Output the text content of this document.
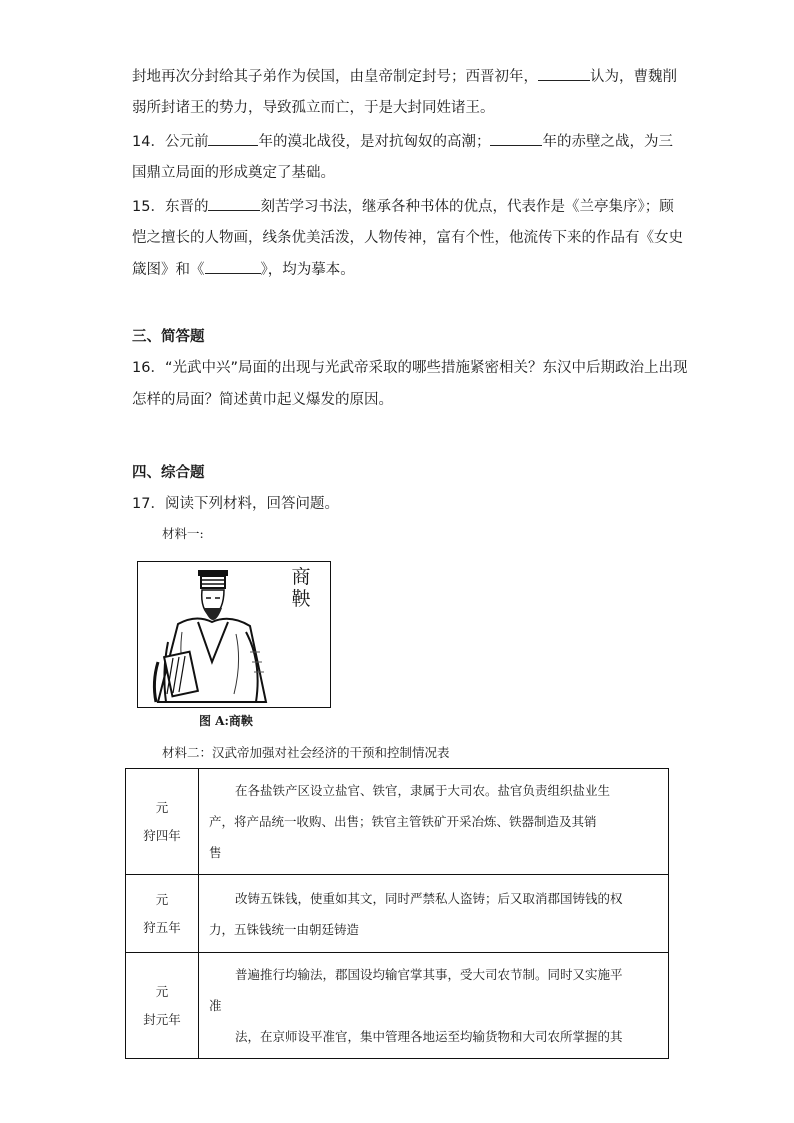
封地再次分封给其子弟作为侯国，由皇帝制定封号；西晋初年，	认为，曹魏削
弱所封诸王的势力，导致孤立而亡，于是大封同姓诸王。
14．公元前	年的漠北战役，是对抗匈奴的高潮；	年的赤壁之战，为三
国鼎立局面的形成奠定了基础。
15．东晋的	刻苦学习书法，继承各种书体的优点，代表作是《兰亭集序》；顾
恺之擅长的人物画，线条优美活泼，人物传神，富有个性，他流传下来的作品有《女史
箴图》和《	》，均为摹本。
三、简答题
16．“光武中兴”局面的出现与光武帝采取的哪些措施紧密相关？东汉中后期政治上出现
怎样的局面？简述黄巾起义爆发的原因。
四、综合题
17．阅读下列材料，回答问题。
材料一:
商鞅
图 A:商鞅
材料二：汉武帝加强对社会经济的干预和控制情况表
元
狩四年	在各盐铁产区设立盐官、铁官，隶属于大司农。盐官负责组织盐业生
产，将产品统一收购、出售；铁官主管铁矿开采冶炼、铁器制造及其销
售
元
狩五年	改铸五铢钱，使重如其文，同时严禁私人盗铸；后又取消郡国铸钱的权
力，五铢钱统一由朝廷铸造
元
封元年	普遍推行均输法，郡国设均输官掌其事，受大司农节制。同时又实施平
准
法，在京师设平准官，集中管理各地运至均输货物和大司农所掌握的其
